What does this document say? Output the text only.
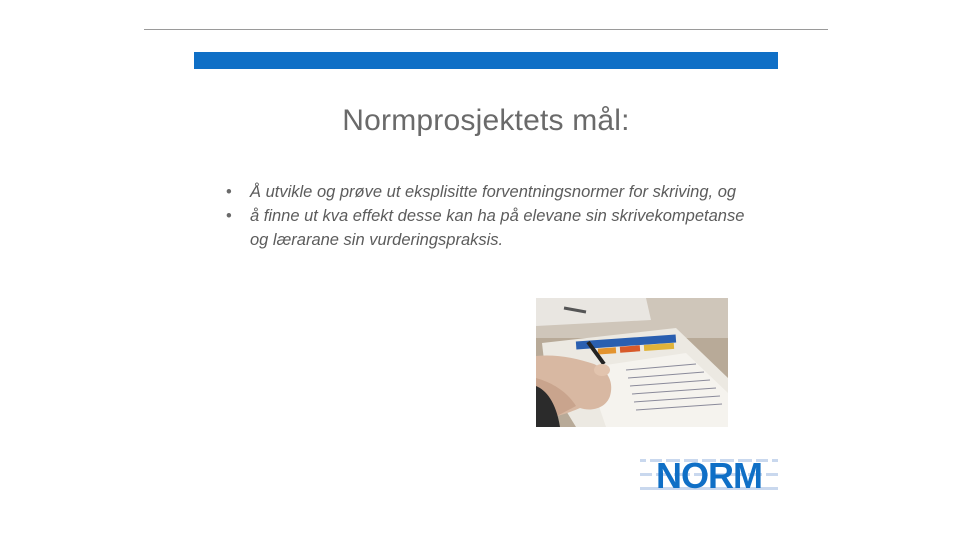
Normprosjektets mål:
• Å utvikle og prøve ut eksplisitte forventningsnormer for skriving, og
• å finne ut kva effekt desse kan ha på elevane sin skrivekompetanse og lærarane sin vurderingspraksis.
NORM
